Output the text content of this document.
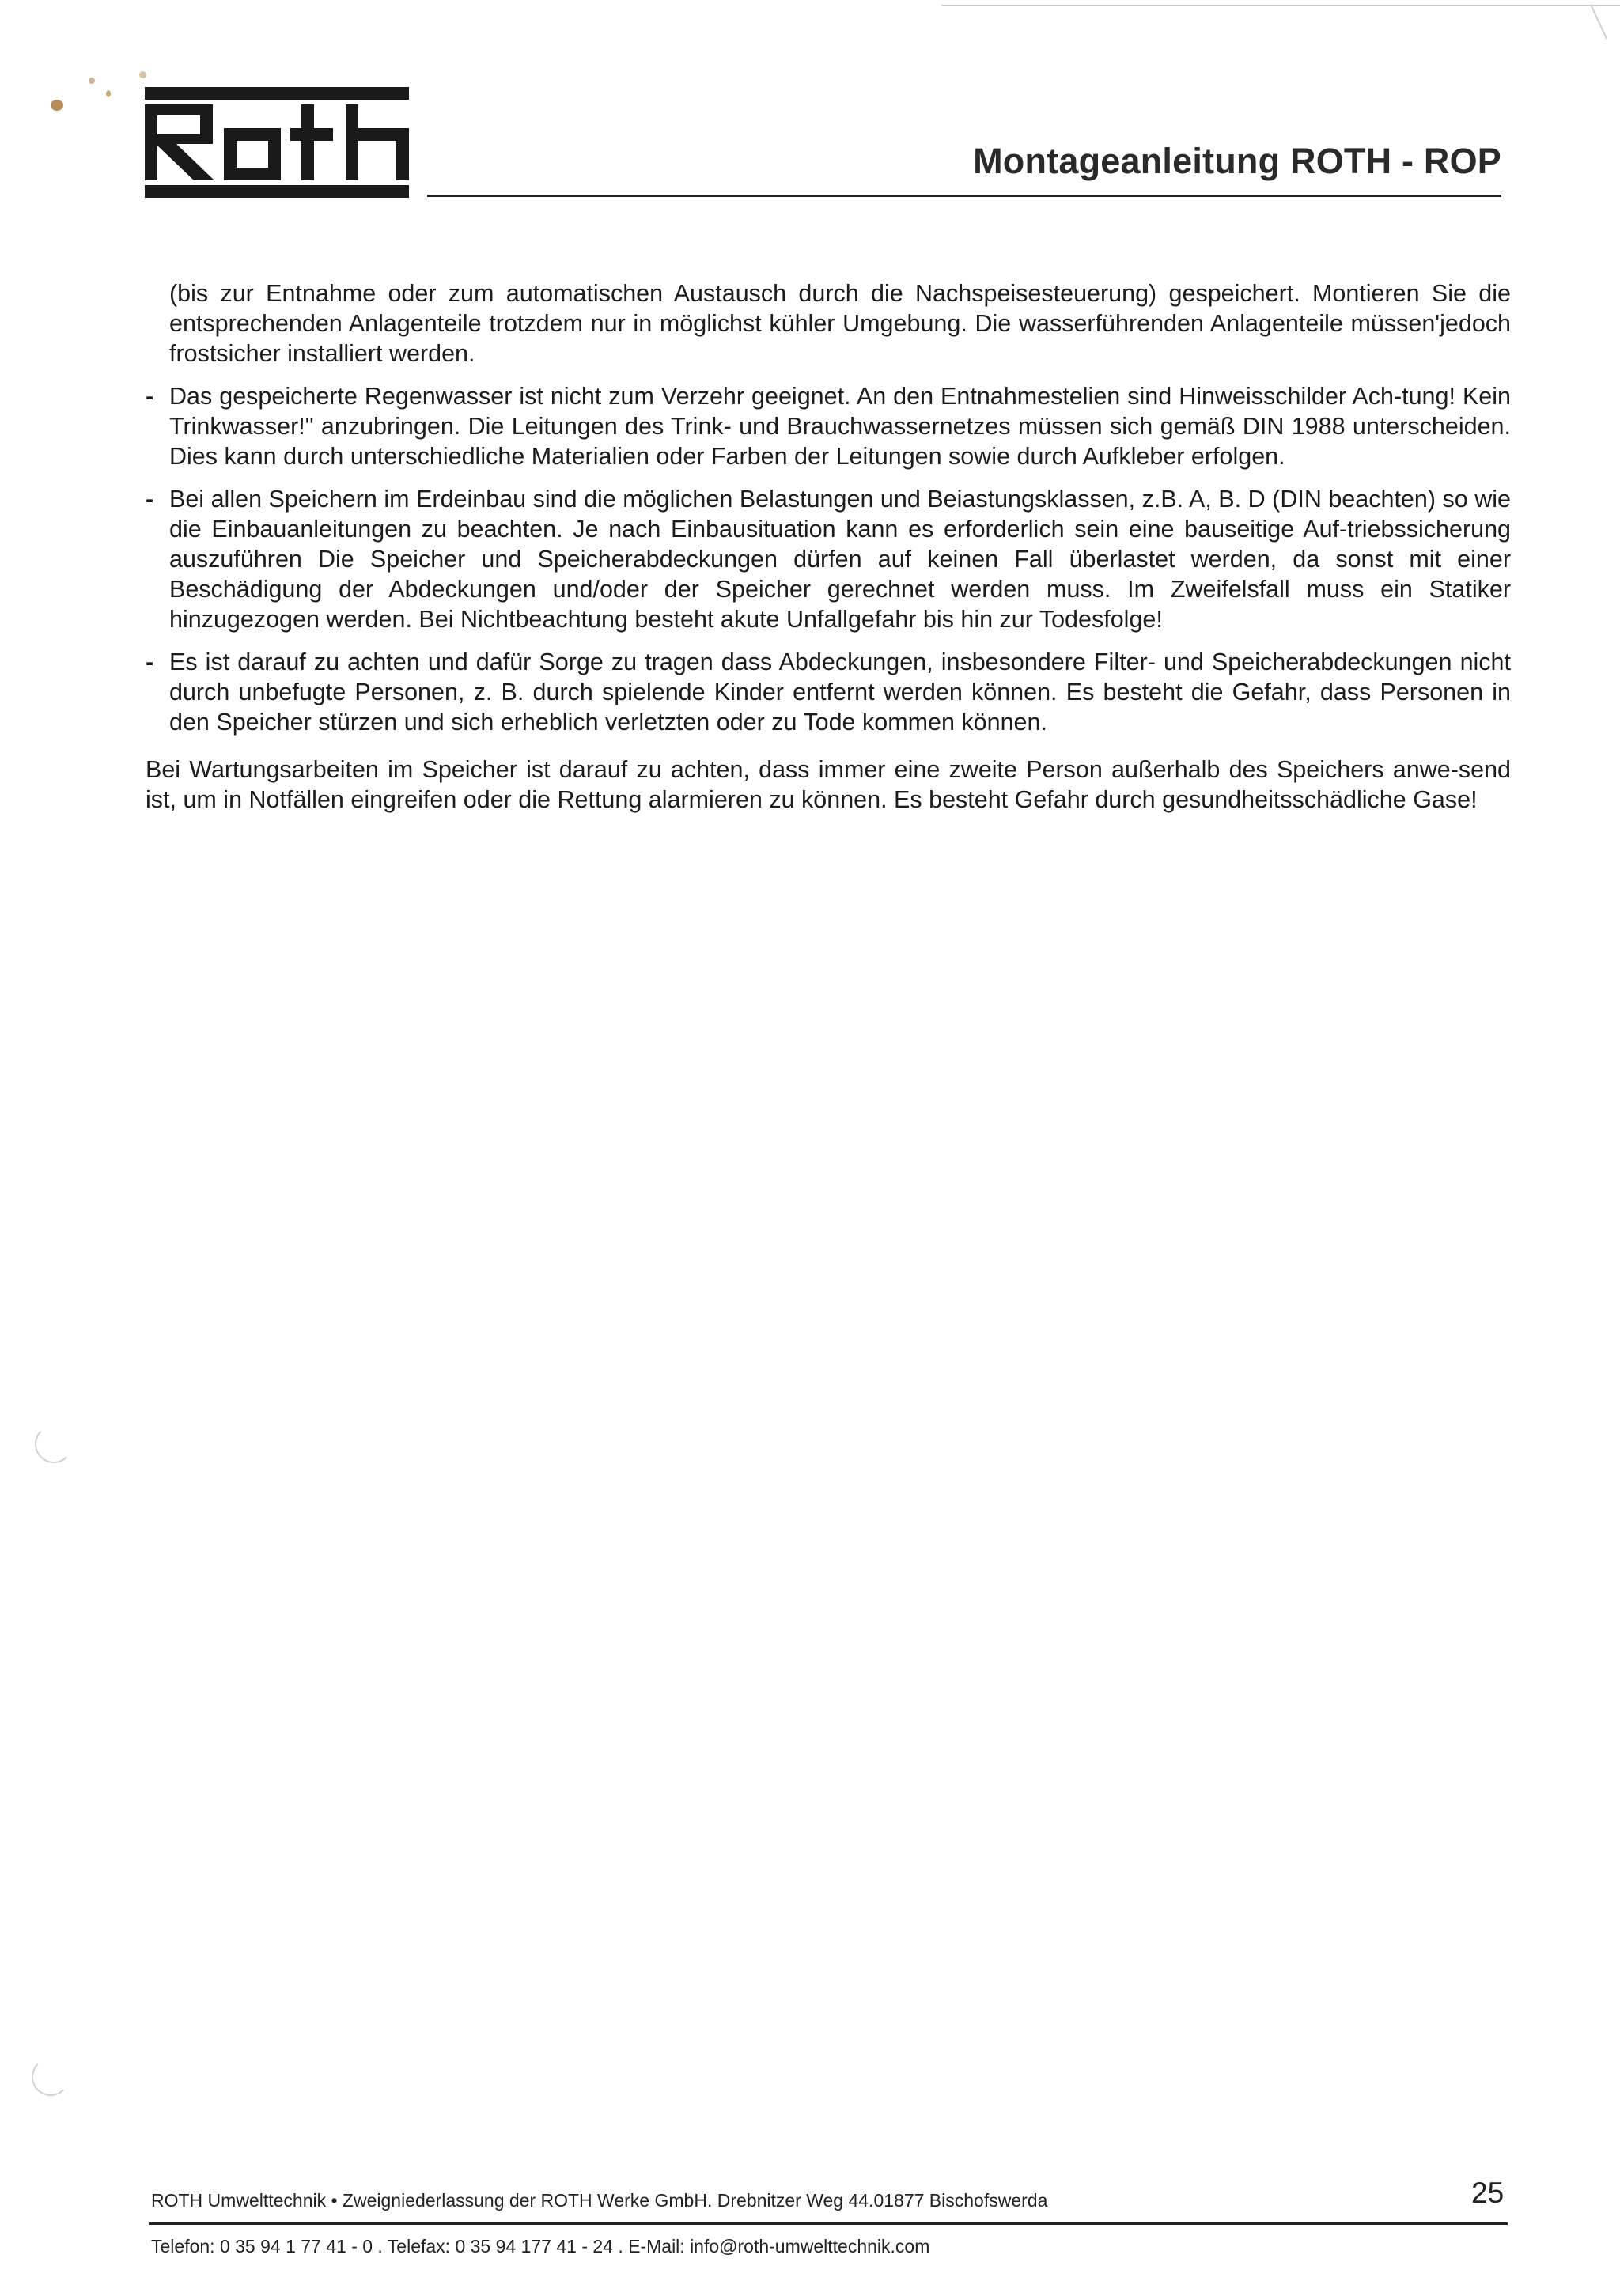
Montageanleitung ROTH - ROP

(bis zur Entnahme oder zum automatischen Austausch durch die Nachspeisesteuerung) gespeichert. Montieren Sie die entsprechenden Anlagenteile trotzdem nur in möglichst kühler Umgebung. Die wasserführenden Anlagenteile müssen'jedoch frostsicher installiert werden.

- Das gespeicherte Regenwasser ist nicht zum Verzehr geeignet. An den Entnahmestelien sind Hinweisschilder Ach-tung! Kein Trinkwasser!" anzubringen. Die Leitungen des Trink- und Brauchwassernetzes müssen sich gemäß DIN 1988 unterscheiden. Dies kann durch unterschiedliche Materialien oder Farben der Leitungen sowie durch Aufkleber erfolgen.

- Bei allen Speichern im Erdeinbau sind die möglichen Belastungen und Beiastungsklassen, z.B. A, B. D (DIN beachten) so wie die Einbauanleitungen zu beachten. Je nach Einbausituation kann es erforderlich sein eine bauseitige Auf-triebssicherung auszuführen Die Speicher und Speicherabdeckungen dürfen auf keinen Fall überlastet werden, da sonst mit einer Beschädigung der Abdeckungen und/oder der Speicher gerechnet werden muss. Im Zweifelsfall muss ein Statiker hinzugezogen werden. Bei Nichtbeachtung besteht akute Unfallgefahr bis hin zur Todesfolge!

- Es ist darauf zu achten und dafür Sorge zu tragen dass Abdeckungen, insbesondere Filter- und Speicherabdeckungen nicht durch unbefugte Personen, z. B. durch spielende Kinder entfernt werden können. Es besteht die Gefahr, dass Personen in den Speicher stürzen und sich erheblich verletzten oder zu Tode kommen können.

Bei Wartungsarbeiten im Speicher ist darauf zu achten, dass immer eine zweite Person außerhalb des Speichers anwe-send ist, um in Notfällen eingreifen oder die Rettung alarmieren zu können. Es besteht Gefahr durch gesundheitsschädliche Gase!

ROTH Umwelttechnik • Zweigniederlassung der ROTH Werke GmbH. Drebnitzer Weg 44.01877 Bischofswerda	25
Telefon: 0 35 94 1 77 41 - 0 . Telefax: 0 35 94 177 41 - 24 . E-Mail: info@roth-umwelttechnik.com
